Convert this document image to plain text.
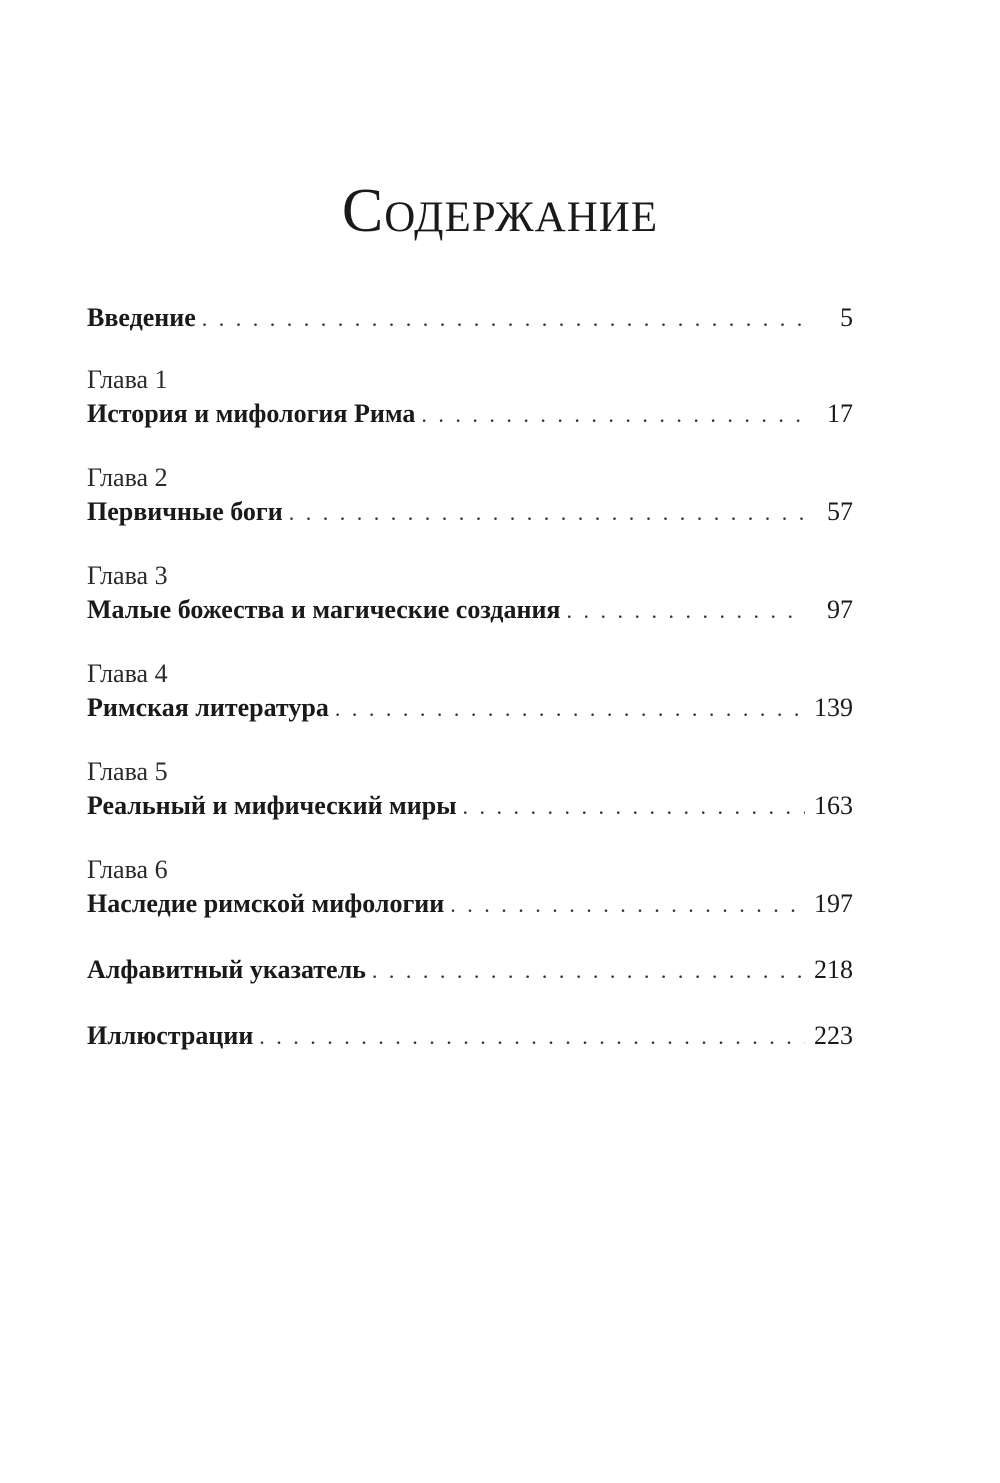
Содержание
Введение . . .	5
Глава 1
История и мифология Рима . . .	17
Глава 2
Первичные боги . . .	57
Глава 3
Малые божества и магические создания . . .	97
Глава 4
Римская литература . . .	139
Глава 5
Реальный и мифический миры . . .	163
Глава 6
Наследие римской мифологии . . .	197
Алфавитный указатель . . .	218
Иллюстрации . . .	223
